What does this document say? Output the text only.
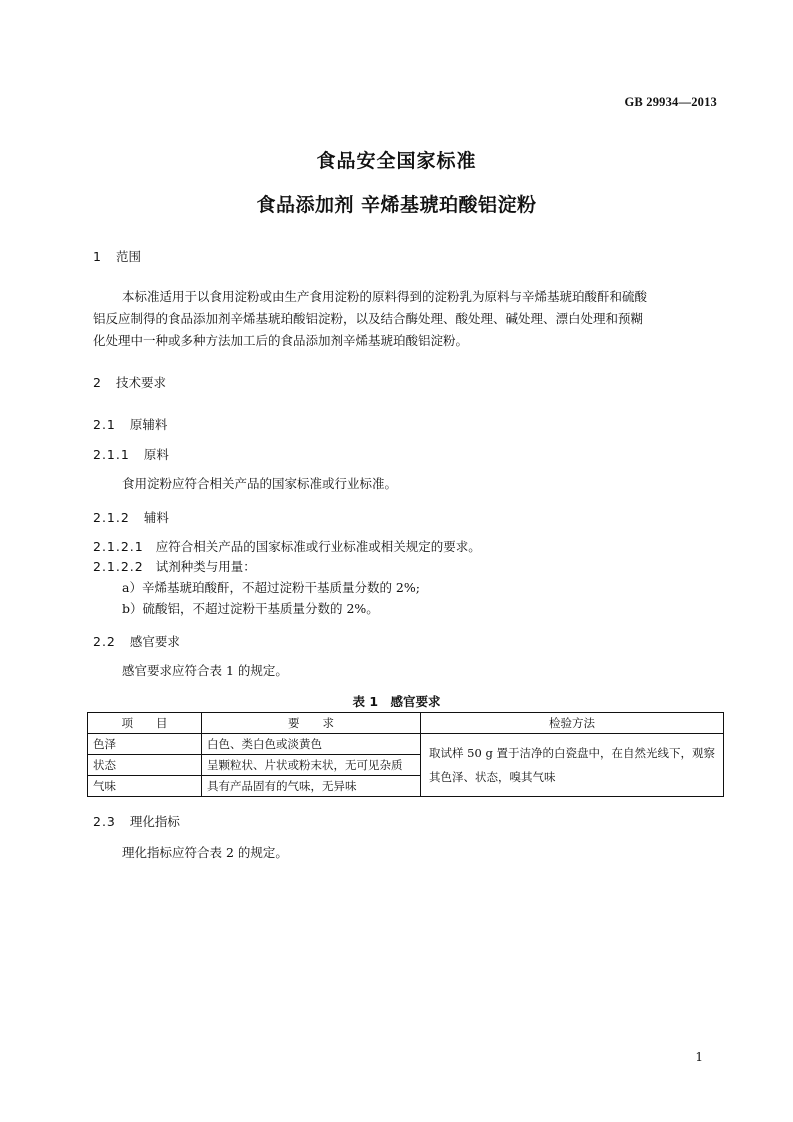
GB 29934—2013
食品安全国家标准
食品添加剂 辛烯基琥珀酸铝淀粉
1 范围
本标准适用于以食用淀粉或由生产食用淀粉的原料得到的淀粉乳为原料与辛烯基琥珀酸酐和硫酸
铝反应制得的食品添加剂辛烯基琥珀酸铝淀粉，以及结合酶处理、酸处理、碱处理、漂白处理和预糊
化处理中一种或多种方法加工后的食品添加剂辛烯基琥珀酸铝淀粉。
2 技术要求
2.1 原辅料
2.1.1 原料
食用淀粉应符合相关产品的国家标准或行业标准。
2.1.2 辅料
2.1.2.1 应符合相关产品的国家标准或行业标准或相关规定的要求。
2.1.2.2 试剂种类与用量：
a）辛烯基琥珀酸酐，不超过淀粉干基质量分数的 2%;
b）硫酸铝，不超过淀粉干基质量分数的 2%。
2.2 感官要求
感官要求应符合表 1 的规定。
表 1　感官要求
项　　目	要　　求	检验方法
色泽	白色、类白色或淡黄色	取试样 50 g 置于洁净的白瓷盘中，在自然光线下，观察
其色泽、状态，嗅其气味

状态	呈颗粒状、片状或粉末状，无可见杂质	
气味	具有产品固有的气味，无异味	
2.3 理化指标
理化指标应符合表 2 的规定。
1
